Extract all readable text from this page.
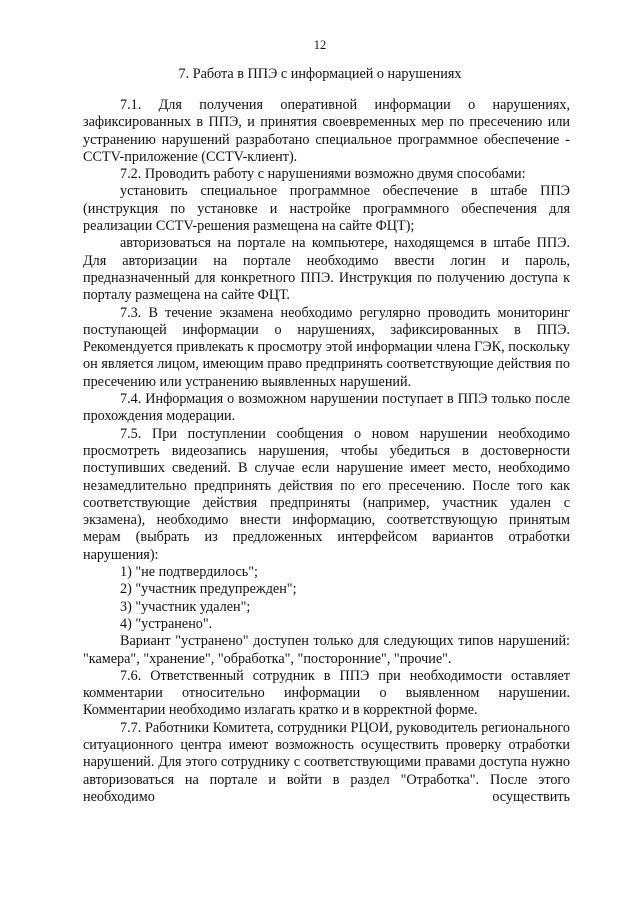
12
7. Работа в ППЭ с информацией о нарушениях

7.1. Для получения оперативной информации о нарушениях, зафиксированных в ППЭ, и принятия своевременных мер по пресечению или устранению нарушений разработано специальное программное обеспечение - CCTV-приложение (CCTV-клиент).

7.2. Проводить работу с нарушениями возможно двумя способами:

установить специальное программное обеспечение в штабе ППЭ (инструкция по установке и настройке программного обеспечения для реализации CCTV-решения размещена на сайте ФЦТ);

авторизоваться на портале на компьютере, находящемся в штабе ППЭ. Для авторизации на портале необходимо ввести логин и пароль, предназначенный для конкретного ППЭ. Инструкция по получению доступа к порталу размещена на сайте ФЦТ.

7.3. В течение экзамена необходимо регулярно проводить мониторинг поступающей информации о нарушениях, зафиксированных в ППЭ. Рекомендуется привлекать к просмотру этой информации члена ГЭК, поскольку он является лицом, имеющим право предпринять соответствующие действия по пресечению или устранению выявленных нарушений.

7.4. Информация о возможном нарушении поступает в ППЭ только после прохождения модерации.

7.5. При поступлении сообщения о новом нарушении необходимо просмотреть видеозапись нарушения, чтобы убедиться в достоверности поступивших сведений. В случае если нарушение имеет место, необходимо незамедлительно предпринять действия по его пресечению. После того как соответствующие действия предприняты (например, участник удален с экзамена), необходимо внести информацию, соответствующую принятым мерам (выбрать из предложенных интерфейсом вариантов отработки нарушения):

1) "не подтвердилось";

2) "участник предупрежден";

3) "участник удален";

4) "устранено".

Вариант "устранено" доступен только для следующих типов нарушений: "камера", "хранение", "обработка", "посторонние", "прочие".

7.6. Ответственный сотрудник в ППЭ при необходимости оставляет комментарии относительно информации о выявленном нарушении. Комментарии необходимо излагать кратко и в корректной форме.

7.7. Работники Комитета, сотрудники РЦОИ, руководитель регионального ситуационного центра имеют возможность осуществить проверку отработки нарушений. Для этого сотруднику с соответствующими правами доступа нужно авторизоваться на портале и войти в раздел "Отработка". После этого необходимо осуществить
